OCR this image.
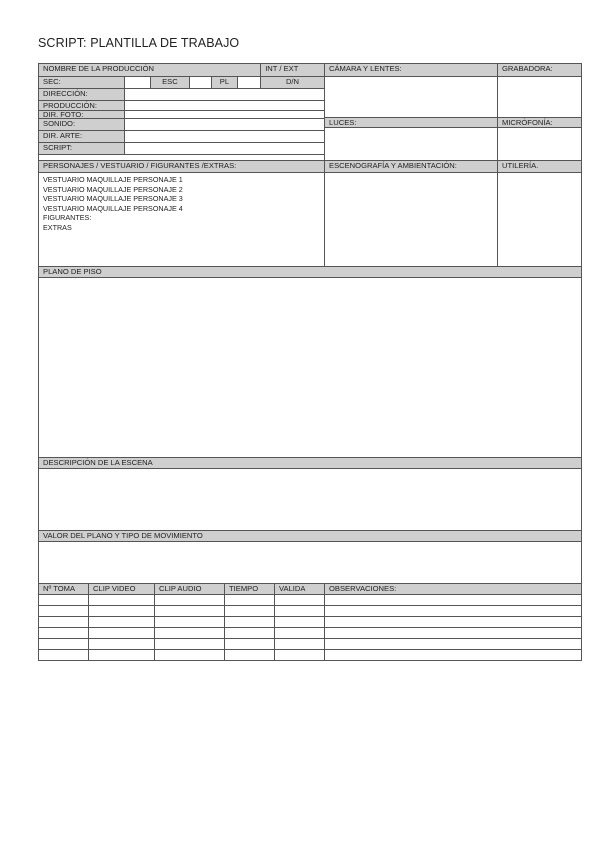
SCRIPT: PLANTILLA DE TRABAJO
NOMBRE DE LA PRODUCCIÓN	INT / EXT	CÁMARA Y LENTES:	GRABADORA:
SEC:	ESC	PL	D/N
DIRECCIÓN:
PRODUCCIÓN:
DIR. FOTO:
LUCES:	MICRÓFONÍA:
SONIDO:
DIR. ARTE:
SCRIPT:
PERSONAJES / VESTUARIO / FIGURANTES /EXTRAS:	ESCENOGRAFÍA Y AMBIENTACIÓN:	UTILERÍA.
VESTUARIO MAQUILLAJE PERSONAJE 1
VESTUARIO MAQUILLAJE PERSONAJE 2
VESTUARIO MAQUILLAJE PERSONAJE 3
VESTUARIO MAQUILLAJE PERSONAJE 4
FIGURANTES:
EXTRAS
PLANO DE PISO
DESCRIPCIÓN DE LA ESCENA
VALOR DEL PLANO Y TIPO DE MOVIMIENTO
Nº TOMA	CLIP VIDEO	CLIP AUDIO	TIEMPO	VALIDA	OBSERVACIONES:
